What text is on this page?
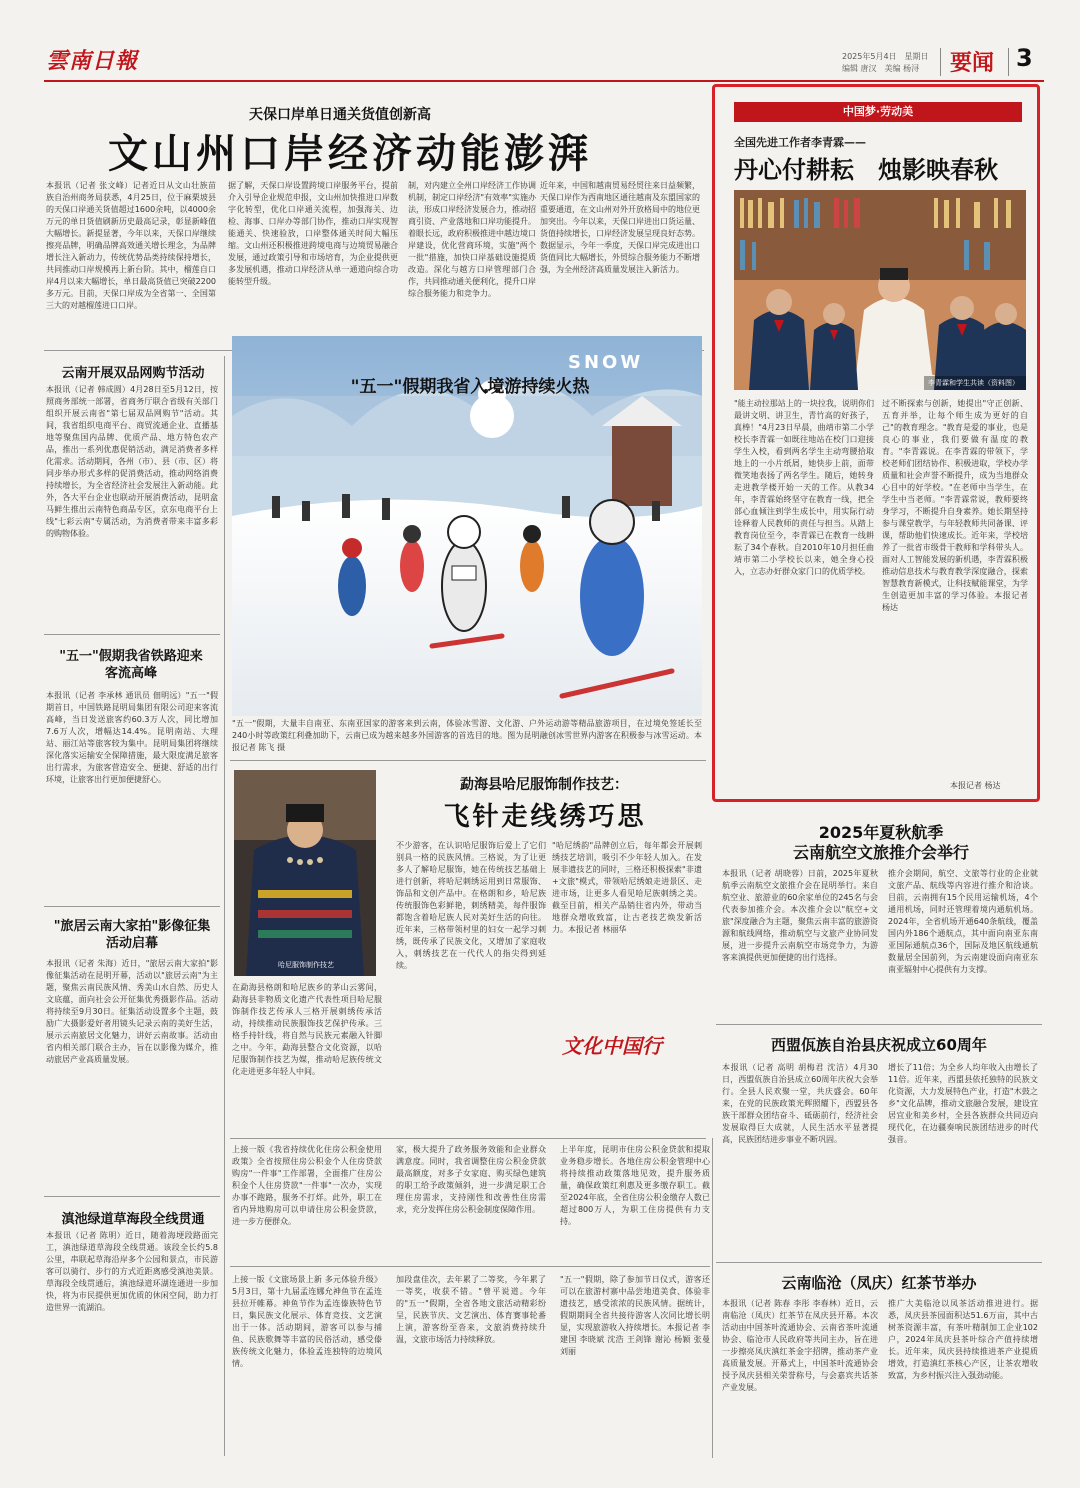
雲南日報	2025年5月4日　星期日
编辑 唐汉　美编 杨浔 要闻 3
天保口岸单日通关货值创新高
文山州口岸经济动能澎湃
本报讯（记者 张文峰）记者近日从文山壮族苗族自治州商务局获悉，4月25日，位于麻栗坡县的天保口岸通关货值超过1600余吨，以4000余万元的单日货值刷新历史最高记录，彰显新峰值大幅增长。新提显著，今年以来，天保口岸继续擦亮品牌，明确品牌高效通关增长理念，为品牌增长注入新动力，传统优势品类持续保持增长，共同推动口岸规模再上新台阶。其中，榴莲自口岸4月以来大幅增长，单日最高货值已突破2200多万元。目前，天保口岸成为全省第一、全国第三大的对越榴莲进口口岸。
据了解，天保口岸设置跨境口岸服务平台，提前介入引导企业规范申报，文山州加快推进口岸数字化转型，优化口岸通关流程，加强海关、边检、海事、口岸办等部门协作，推动口岸实现智能通关、快速验放，口岸整体通关时间大幅压缩。文山州还积极推进跨境电商与边境贸易融合发展，通过政策引导和市场培育，为企业提供更多发展机遇，推动口岸经济从单一通道向综合功能转型升级。
制，对内建立全州口岸经济工作协调机制，制定口岸经济"有效率"实施办法，形成口岸经济发展合力，推动招商引资、产业落地和口岸功能提升。着眼长远，政府积极推进中越边境口岸建设，优化营商环境，实施"两个一批"措施，加快口岸基础设施提质改造。深化与越方口岸管理部门合作，共同推动通关便利化，提升口岸综合服务能力和竞争力。
近年来，中国和越南贸易经贸往来日益频繁，天保口岸作为西南地区通往越南及东盟国家的重要通道，在文山州对外开放格局中的地位更加突出。今年以来，天保口岸进出口货运量、货值持续增长，口岸经济发展呈现良好态势。数据显示，今年一季度，天保口岸完成进出口货值同比大幅增长，外贸综合服务能力不断增强，为全州经济高质量发展注入新活力。
云南开展双品网购节活动
本报讯（记者 韩成圆）4月28日至5月12日，按照商务部统一部署，省商务厅联合省级有关部门组织开展云南省"第七届双品网购节"活动。其间，我省组织电商平台、商贸流通企业、直播基地等聚焦国内品牌、优质产品、地方特色农产品，推出一系列优惠促销活动，满足消费者多样化需求。活动期间，各州（市）、县（市、区）将同步举办形式多样的促消费活动，推动网络消费持续增长，为全省经济社会发展注入新动能。此外，各大平台企业也联动开展消费活动，昆明盒马鲜生推出云南特色商品专区，京东电商平台上线"七彩云南"专属活动，为消费者带来丰富多彩的购物体验。
"五一"假期我省铁路迎来客流高峰
本报讯（记者 李承林 通讯员 佃明远）"五一"假期首日，中国铁路昆明局集团有限公司迎来客流高峰，当日发送旅客约60.3万人次，同比增加7.6万人次，增幅达14.4%。昆明南站、大理站、丽江站等旅客较为集中。昆明局集团将继续深化落实运输安全保障措施，最大限度满足旅客出行需求，为旅客营造安全、便捷、舒适的出行环境，让旅客出行更加便捷舒心。
"旅居云南大家拍"影像征集活动启幕
本报讯（记者 朱海）近日，"旅居云南大家拍"影像征集活动在昆明开幕，活动以"旅居云南"为主题，聚焦云南民族风情、秀美山水自然、历史人文底蕴，面向社会公开征集优秀摄影作品。活动将持续至9月30日。征集活动设置多个主题，鼓励广大摄影爱好者用镜头记录云南的美好生活，展示云南旅居文化魅力，讲好云南故事。活动由省内相关部门联合主办，旨在以影像为媒介，推动旅居产业高质量发展。
滇池绿道草海段全线贯通
本报讯（记者 陈明）近日，随着海埂段路面完工，滇池绿道草海段全线贯通。该段全长约5.8公里，串联起草海沿岸多个公园和景点，市民游客可以骑行、步行的方式近距离感受滇池美景。草海段全线贯通后，滇池绿道环湖连通进一步加快，将为市民提供更加优质的休闲空间，助力打造世界一流湖泊。
"五一"假期我省入境游持续火热
SNOW
"五一"假期，大量丰自南亚、东南亚国家的游客来到云南，体验冰雪游、文化游、户外运动游等精品旅游项目，在过境免签延长至240小时等政策红利叠加助下，云南已成为越来越多外国游客的首选目的地。图为昆明融创冰雪世界内游客在积极参与冰雪运动。本报记者 陈飞 摄
哈尼服饰制作技艺
勐海县哈尼服饰制作技艺：
飞针走线绣巧思
在勐海县格朗和哈尼族乡的茅山云雾间，勐海县非物质文化遗产代表性项目哈尼服饰制作技艺传承人三格开展刺绣传承活动，持续推动民族服饰技艺保护传承。三格手持针线，将自然与民族元素融入针脚之中。今年，勐海县整合文化资源，以哈尼服饰制作技艺为媒，推动哈尼族传统文化走进更多年轻人中间。
不少游客，在认识哈尼服饰后爱上了它们别具一格的民族风情。三格说，为了让更多人了解哈尼服饰，她在传统技艺基础上进行创新，将哈尼刺绣运用到日常服饰、饰品和文创产品中。在格朗和乡，哈尼族传统服饰色彩鲜艳，刺绣精美，每件服饰都饱含着哈尼族人民对美好生活的向往。近年来，三格带领村里的妇女一起学习刺绣，既传承了民族文化，又增加了家庭收入，刺绣技艺在一代代人的指尖得到延续。
"哈尼绣韵"品牌创立后，每年都会开展刺绣技艺培训，吸引不少年轻人加入。在发展非遗技艺的同时，三格还积极探索"非遗+文旅"模式，带领哈尼绣娘走进景区、走进市场，让更多人看见哈尼族刺绣之美。截至目前，相关产品销往省内外，带动当地群众增收致富，让古老技艺焕发新活力。本报记者 林丽华
文化中国行
上接一版《我省持续优化住房公积金使用政策》全省按照住房公积金个人住房贷款购房"一件事"工作部署，全面推广住房公积金个人住房贷款"一件事"一次办，实现办事不跑路，服务不打烊。此外，职工在省内异地购房可以申请住房公积金贷款，进一步方便群众。
家，极大提升了政务服务效能和企业群众满意度。同时，我省调整住房公积金贷款最高额度，对多子女家庭、购买绿色建筑的职工给予政策倾斜，进一步满足职工合理住房需求，支持刚性和改善性住房需求，充分发挥住房公积金制度保障作用。
上半年度，昆明市住房公积金贷款和提取业务稳步增长。各地住房公积金管理中心将持续推动政策落地见效，提升服务质量，确保政策红利惠及更多缴存职工。截至2024年底，全省住房公积金缴存人数已超过800万人，为职工住房提供有力支持。
上接一版《文旅场景上新 多元体验升级》5月3日，第十九届孟连娜允神鱼节在孟连县拉开帷幕。神鱼节作为孟连傣族特色节日，集民族文化展示、体育竞技、文艺演出于一体。活动期间，游客可以参与捕鱼、民族歌舞等丰富的民俗活动，感受傣族传统文化魅力，体验孟连独特的边境风情。
加段盘佳次，去年累了二等奖，今年累了一等奖，收获不错。"曾平说道。今年的"五一"假期，全省各地文旅活动精彩纷呈，民族节庆、文艺演出、体育赛事轮番上演，游客纷至沓来，文旅消费持续升温，文旅市场活力持续释放。
"五一"假期，除了参加节日仪式，游客还可以在旅游村寨中品尝地道美食、体验非遗技艺，感受浓浓的民族风情。据统计，假期期间全省共接待游客人次同比增长明显，实现旅游收入持续增长。本报记者 李建国 李晓斌 沈浩 王剑锋 谢沁 杨颖 张曼 刘丽
中国梦·劳动美
全国先进工作者李青霖——
丹心付耕耘　烛影映春秋
李青霖和学生共读（资料图）
"能主动拉那站上的一块拉我，说明你们最讲文明、讲卫生，青竹高的好孩子，真棒！"4月23日早晨，曲靖市第二小学校长李青霖一如既往地站在校门口迎接学生入校，看到两名学生主动弯腰拾取地上的一小片纸屑，她快步上前，面带微笑地表扬了两名学生。随后，她转身走进教学楼开始一天的工作。从教34年，李青霖始终坚守在教育一线，把全部心血倾注到学生成长中，用实际行动诠释着人民教师的责任与担当。从踏上教育岗位至今，李青霖已在教育一线耕耘了34个春秋。自2010年10月担任曲靖市第二小学校长以来，她全身心投入，立志办好群众家门口的优质学校。
过不断探索与创新，她提出"守正创新、五育并举，让每个师生成为更好的自己"的教育理念。"教育是爱的事业，也是良心的事业，我们要做有温度的教育。"李青霖说。在李青霖的带领下，学校老师们团结协作、积极进取，学校办学质量和社会声誉不断提升，成为当地群众心目中的好学校。"在老师中当学生，在学生中当老师。"李青霖常说，教师要终身学习，不断提升自身素养。她长期坚持参与课堂教学，与年轻教师共同备课、评课，帮助他们快速成长。近年来，学校培养了一批省市级骨干教师和学科带头人。面对人工智能发展的新机遇，李青霖积极推动信息技术与教育教学深度融合，探索智慧教育新模式，让科技赋能课堂，为学生创造更加丰富的学习体验。本报记者 杨达
本报记者 杨达
2025年夏秋航季
云南航空文旅推介会举行
本报讯（记者 胡晓蓉）日前，2025年夏秋航季云南航空文旅推介会在昆明举行。来自航空业、旅游业的60余家单位的245名与会代表参加推介会。本次推介会以"航空+文旅"深度融合为主题，聚焦云南丰富的旅游资源和航线网络，推动航空与文旅产业协同发展，进一步提升云南航空市场竞争力，为游客来滇提供更加便捷的出行选择。
推介会期间，航空、文旅等行业的企业就文旅产品、航线等内容进行推介和洽谈。目前，云南拥有15个民用运输机场，4个通用机场，同时还管理着境内通航机场。2024年，全省机场开通640条航线，覆盖国内外186个通航点，其中面向南亚东南亚国际通航点36个，国际及地区航线通航数量居全国前列，为云南建设面向南亚东南亚辐射中心提供有力支撑。
西盟佤族自治县庆祝成立60周年
本报讯（记者 高明 胡梅君 沈洁）4月30日，西盟佤族自治县成立60周年庆祝大会举行。全县人民欢聚一堂，共庆盛会。60年来，在党的民族政策光辉照耀下，西盟县各族干部群众团结奋斗、砥砺前行，经济社会发展取得巨大成就，人民生活水平显著提高，民族团结进步事业不断巩固。
增长了11倍；为全乡人均年收入由增长了11倍。近年来，西盟县依托独特的民族文化资源，大力发展特色产业，打造"木鼓之乡"文化品牌，推动文旅融合发展，建设宜居宜业和美乡村，全县各族群众共同迈向现代化，在边疆奏响民族团结进步的时代强音。
云南临沧（凤庆）红茶节举办
本报讯（记者 陈春 李彤 李春林）近日，云南临沧（凤庆）红茶节在凤庆县开幕。本次活动由中国茶叶流通协会、云南省茶叶流通协会、临沧市人民政府等共同主办，旨在进一步擦亮凤庆滇红茶金字招牌，推动茶产业高质量发展。开幕式上，中国茶叶流通协会授予凤庆县相关荣誉称号，与会嘉宾共话茶产业发展。
推广大美临沧以凤茶活动推进进行。据悉，凤庆县茶园面积达51.6万亩，其中古树茶资源丰富，有茶叶精制加工企业102户，2024年凤庆县茶叶综合产值持续增长。近年来，凤庆县持续推进茶产业提质增效，打造滇红茶核心产区，让茶农增收致富，为乡村振兴注入强劲动能。
